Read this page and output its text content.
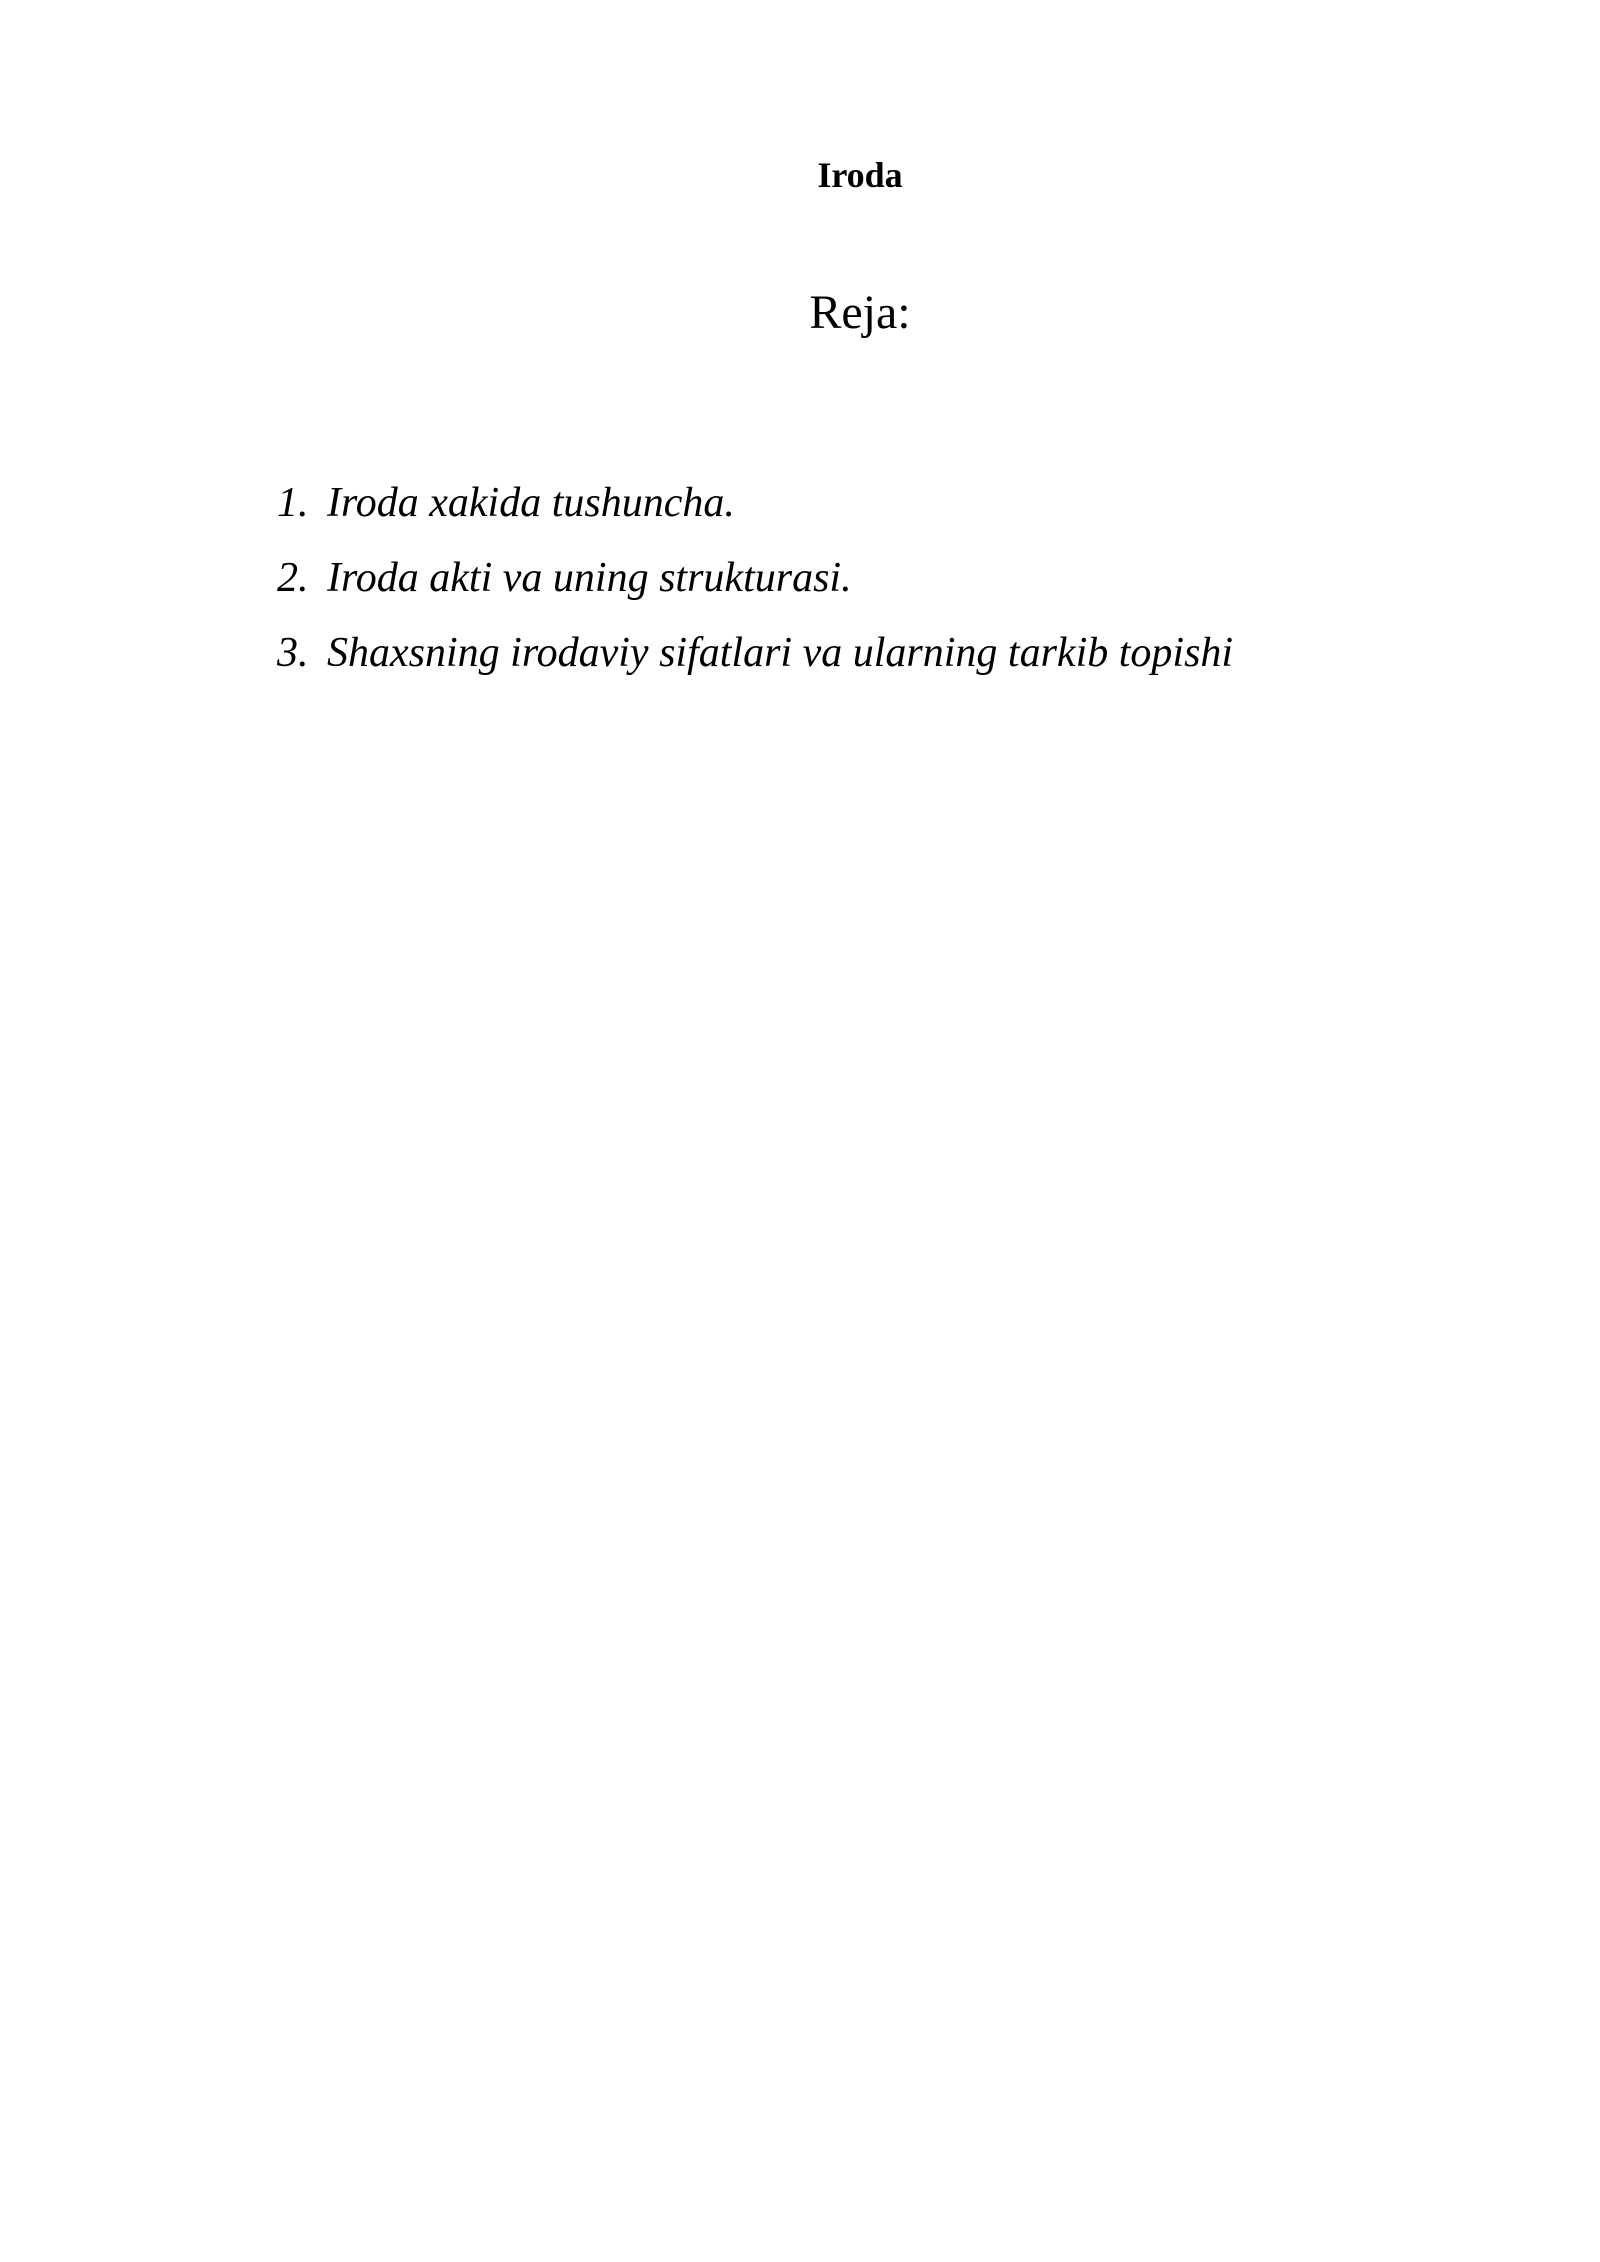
Iroda
Reja:
1. Iroda xakida tushuncha.
2. Iroda akti va uning strukturasi.
3. Shaxsning irodaviy sifatlari va ularning tarkib topishi
